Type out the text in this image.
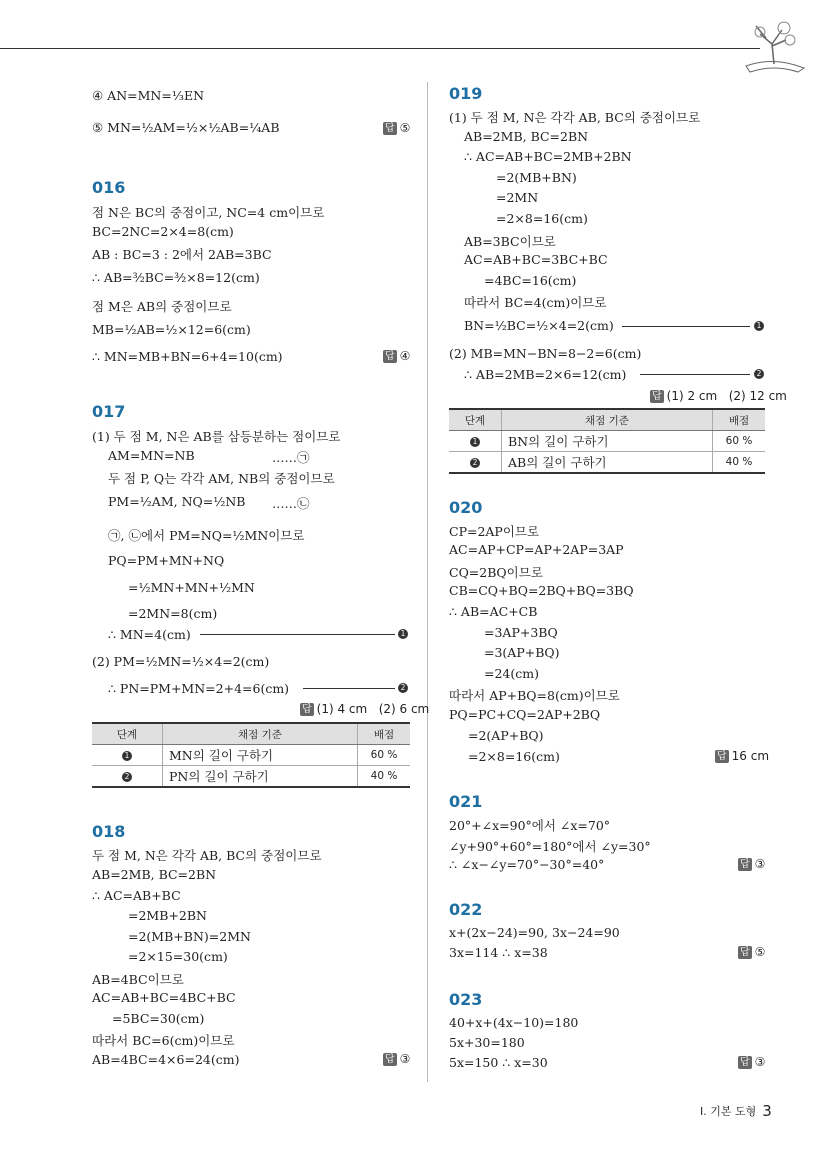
④ AN=MN=⅓EN
⑤ MN=½AM=½×½AB=¼AB	답 ⑤
016
점 N은 BC의 중점이고, NC=4 cm이므로
BC=2NC=2×4=8(cm)
AB : BC=3 : 2에서 2AB=3BC
∴ AB=³⁄₂BC=³⁄₂×8=12(cm)
점 M은 AB의 중점이므로
MB=½AB=½×12=6(cm)
∴ MN=MB+BN=6+4=10(cm)	답 ④
017
(1) 두 점 M, N은 AB를 삼등분하는 점이므로
AM=MN=NB
두 점 P, Q는 각각 AM, NB의 중점이므로
PM=½AM, NQ=½NB
……㉠
……㉡
㉠, ㉡에서 PM=NQ=½MN이므로
PQ=PM+MN+NQ
=½MN+MN+½MN
=2MN=8(cm)
∴ MN=4(cm)	1
(2) PM=½MN=½×4=2(cm)
∴ PN=PM+MN=2+4=6(cm)	2
답 (1) 4 cm (2) 6 cm
단계	채점 기준	배점
1	MN의 길이 구하기	60 %
2	PN의 길이 구하기	40 %
018
두 점 M, N은 각각 AB, BC의 중점이므로
AB=2MB, BC=2BN
∴ AC=AB+BC
=2MB+2BN
=2(MB+BN)=2MN
=2×15=30(cm)
AB=4BC이므로
AC=AB+BC=4BC+BC
=5BC=30(cm)
따라서 BC=6(cm)이므로
AB=4BC=4×6=24(cm)	답 ③
019
(1) 두 점 M, N은 각각 AB, BC의 중점이므로
AB=2MB, BC=2BN
∴ AC=AB+BC=2MB+2BN
=2(MB+BN)
=2MN
=2×8=16(cm)
AB=3BC이므로
AC=AB+BC=3BC+BC
=4BC=16(cm)
따라서 BC=4(cm)이므로
BN=½BC=½×4=2(cm)	1
(2) MB=MN−BN=8−2=6(cm)
∴ AB=2MB=2×6=12(cm)	2
답 (1) 2 cm (2) 12 cm
단계	채점 기준	배점
1	BN의 길이 구하기	60 %
2	AB의 길이 구하기	40 %
020
CP=2AP이므로
AC=AP+CP=AP+2AP=3AP
CQ=2BQ이므로
CB=CQ+BQ=2BQ+BQ=3BQ
∴ AB=AC+CB
=3AP+3BQ
=3(AP+BQ)
=24(cm)
따라서 AP+BQ=8(cm)이므로
PQ=PC+CQ=2AP+2BQ
=2(AP+BQ)
=2×8=16(cm)	답 16 cm
021
20°+∠x=90°에서 ∠x=70°
∠y+90°+60°=180°에서 ∠y=30°
∴ ∠x−∠y=70°−30°=40°	답 ③
022
x+(2x−24)=90, 3x−24=90
3x=114 ∴ x=38	답 ⑤
023
40+x+(4x−10)=180
5x+30=180
5x=150 ∴ x=30	답 ③
Ⅰ. 기본 도형 3
